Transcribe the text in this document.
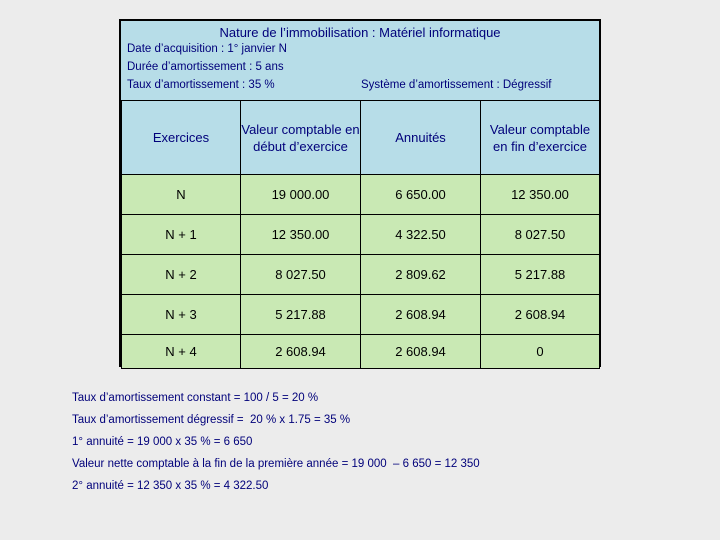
Nature de l’immobilisation : Matériel informatique
Date d’acquisition : 1° janvier N
Durée d’amortissement : 5 ans
Taux d’amortissement : 35 %	Système d’amortissement : Dégressif
Exercices	Valeur comptable en début d’exercice	Annuités	Valeur comptable en fin d’exercice
N	19 000.00	6 650.00	12 350.00
N + 1	12 350.00	4 322.50	8 027.50
N + 2	8 027.50	2 809.62	5 217.88
N + 3	5 217.88	2 608.94	2 608.94
N + 4	2 608.94	2 608.94	0
Taux d’amortissement constant = 100 / 5 = 20 %
Taux d’amortissement dégressif =  20 % x 1.75 = 35 %
1° annuité = 19 000 x 35 % = 6 650
Valeur nette comptable à la fin de la première année = 19 000  – 6 650 = 12 350
2° annuité = 12 350 x 35 % = 4 322.50
